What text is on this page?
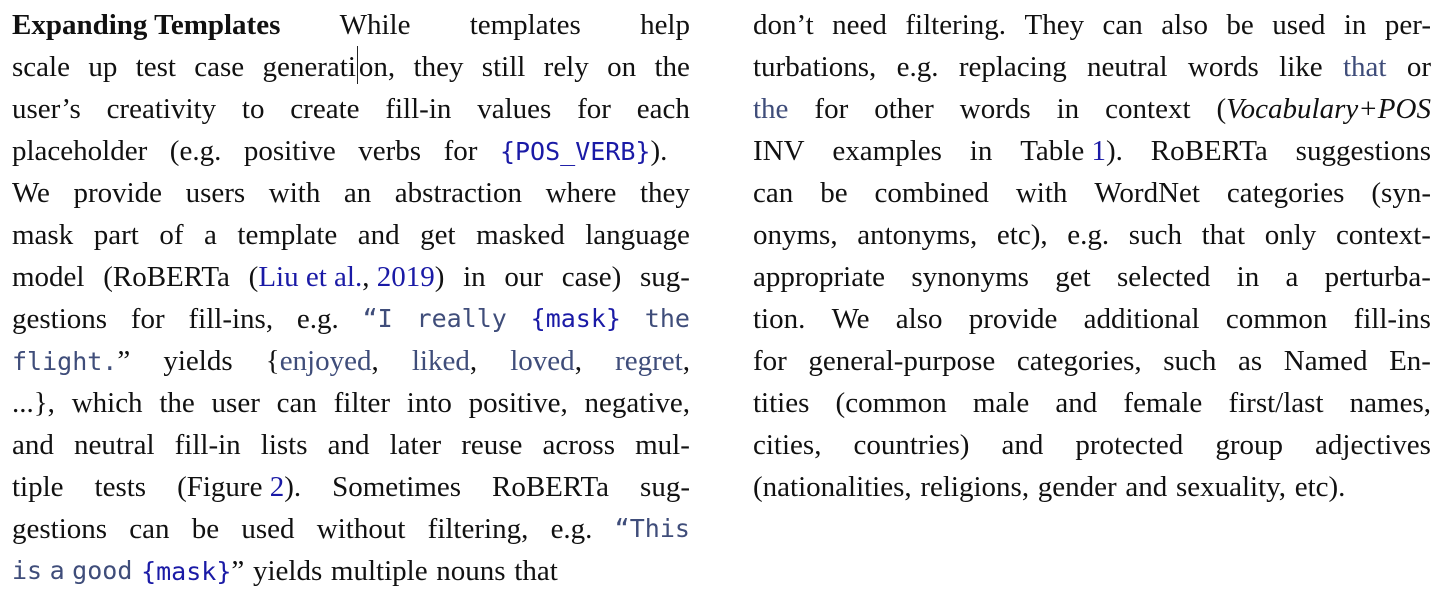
Expanding Templates While templates help
scale up test case generati on, they still rely on the
user’s creativity to create fill-in values for each
placeholder (e.g. positive verbs for {POS_VERB}).
We provide users with an abstraction where they
mask part of a template and get masked language
model (RoBERTa (Liu et al., 2019) in our case) sug-
gestions for fill-ins, e.g. “I really {mask} the
flight.” yields {enjoyed, liked, loved, regret,
...}, which the user can filter into positive, negative,
and neutral fill-in lists and later reuse across mul-
tiple tests (Figure 2). Sometimes RoBERTa sug-
gestions can be used without filtering, e.g. “This
is a good {mask}” yields multiple nouns that
don’t need filtering. They can also be used in per-
turbations, e.g. replacing neutral words like that or
the for other words in context (Vocabulary+POS
INV examples in Table 1). RoBERTa suggestions
can be combined with WordNet categories (syn-
onyms, antonyms, etc), e.g. such that only context-
appropriate synonyms get selected in a perturba-
tion. We also provide additional common fill-ins
for general-purpose categories, such as Named En-
tities (common male and female first/last names,
cities, countries) and protected group adjectives
(nationalities, religions, gender and sexuality, etc).
